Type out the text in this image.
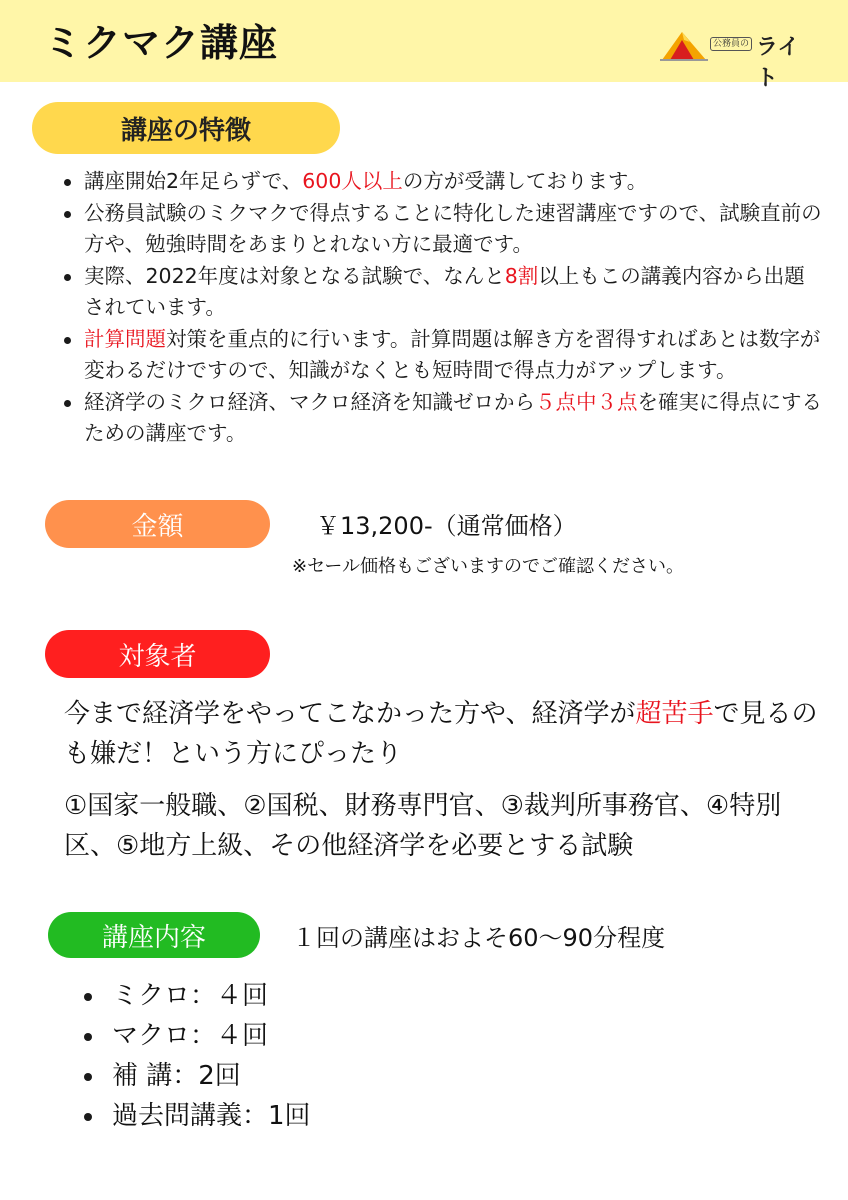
ミクマク講座	公務員の ライト
講座の特徴
講座開始2年足らずで、600人以上の方が受講しております。
公務員試験のミクマクで得点することに特化した速習講座ですので、試験直前の方や、勉強時間をあまりとれない方に最適です。
実際、2022年度は対象となる試験で、なんと8割以上もこの講義内容から出題されています。
計算問題対策を重点的に行います。計算問題は解き方を習得すればあとは数字が変わるだけですので、知識がなくとも短時間で得点力がアップします。
経済学のミクロ経済、マクロ経済を知識ゼロから５点中３点を確実に得点にするための講座です。
金額	￥13,200-（通常価格）
※セール価格もございますのでご確認ください。
対象者

今まで経済学をやってこなかった方や、経済学が超苦手で見るのも嫌だ！という方にぴったり

①国家一般職、②国税、財務専門官、③裁判所事務官、④特別区、⑤地方上級、その他経済学を必要とする試験

講座内容	１回の講座はおよそ60〜90分程度
ミクロ：４回
マクロ：４回
補 講：2回
過去問講義：1回
